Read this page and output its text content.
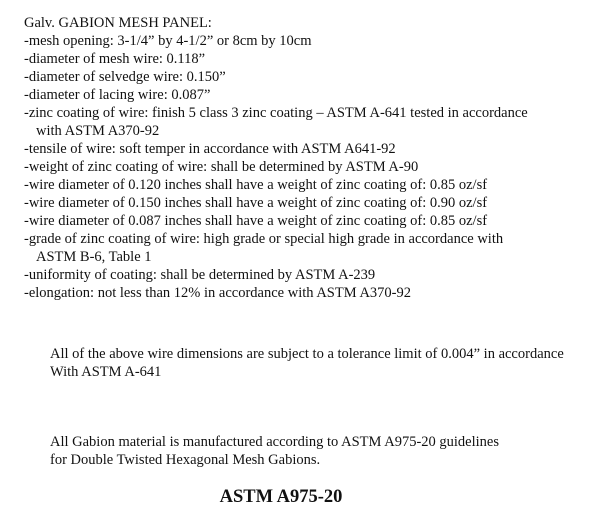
Galv. GABION MESH PANEL:
-mesh opening: 3-1/4” by 4-1/2” or 8cm by 10cm
-diameter of mesh wire: 0.118”
-diameter of selvedge wire: 0.150”
-diameter of lacing wire: 0.087”
-zinc coating of wire: finish 5 class 3 zinc coating – ASTM A-641 tested in accordance
with ASTM A370-92
-tensile of wire: soft temper in accordance with ASTM A641-92
-weight of zinc coating of wire: shall be determined by ASTM A-90
-wire diameter of 0.120 inches shall have a weight of zinc coating of: 0.85 oz/sf
-wire diameter of 0.150 inches shall have a weight of zinc coating of: 0.90 oz/sf
-wire diameter of 0.087 inches shall have a weight of zinc coating of: 0.85 oz/sf
-grade of zinc coating of wire: high grade or special high grade in accordance with
ASTM B-6, Table 1
-uniformity of coating: shall be determined by ASTM A-239
-elongation: not less than 12% in accordance with ASTM A370-92
All of the above wire dimensions are subject to a tolerance limit of 0.004” in accordance
With ASTM A-641
All Gabion material is manufactured according to ASTM A975-20 guidelines
for Double Twisted Hexagonal Mesh Gabions.
ASTM A975-20
